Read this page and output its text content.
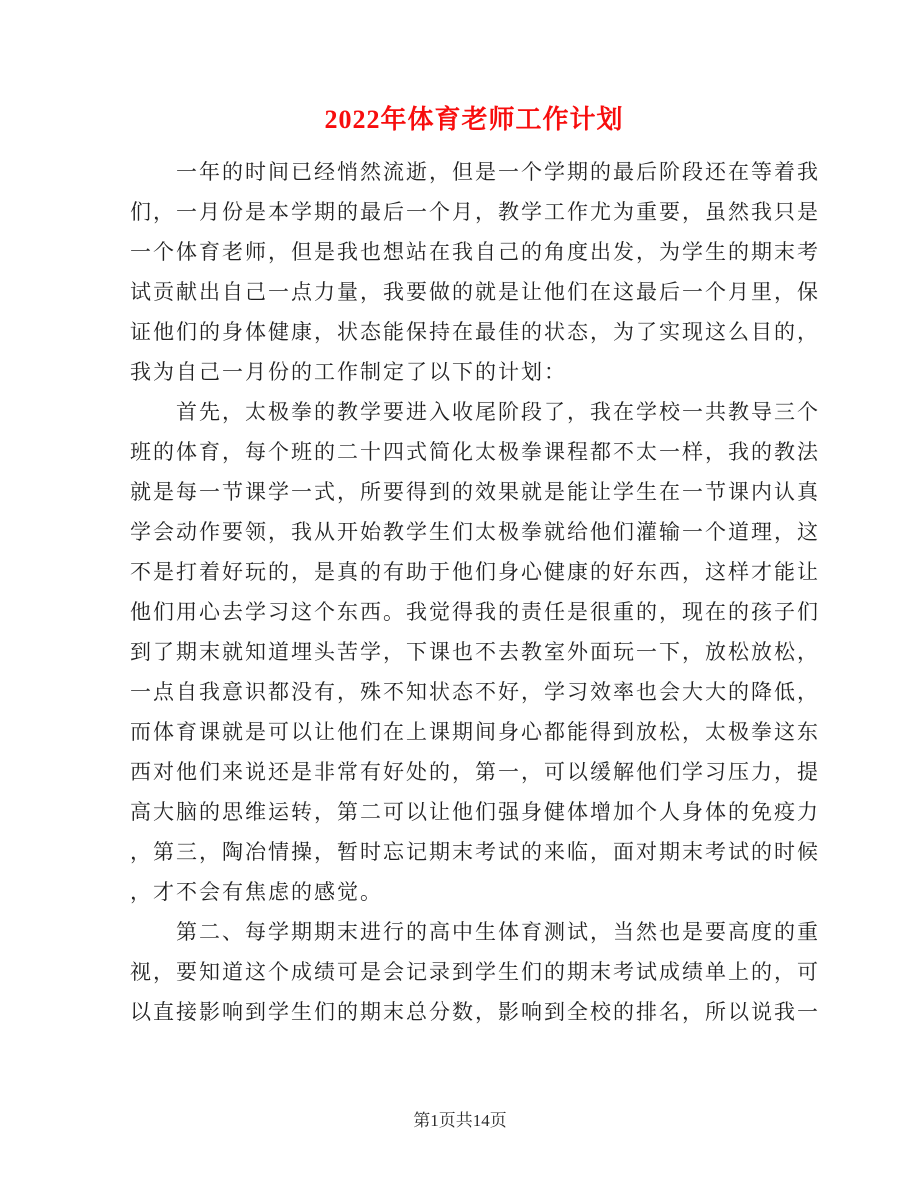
2022年体育老师工作计划
一年的时间已经悄然流逝，但是一个学期的最后阶段还在等着我
们，一月份是本学期的最后一个月，教学工作尤为重要，虽然我只是
一个体育老师，但是我也想站在我自己的角度出发，为学生的期末考
试贡献出自己一点力量，我要做的就是让他们在这最后一个月里，保
证他们的身体健康，状态能保持在最佳的状态，为了实现这么目的，
我为自己一月份的工作制定了以下的计划：
首先，太极拳的教学要进入收尾阶段了，我在学校一共教导三个
班的体育，每个班的二十四式简化太极拳课程都不太一样，我的教法
就是每一节课学一式，所要得到的效果就是能让学生在一节课内认真
学会动作要领，我从开始教学生们太极拳就给他们灌输一个道理，这
不是打着好玩的，是真的有助于他们身心健康的好东西，这样才能让
他们用心去学习这个东西。我觉得我的责任是很重的，现在的孩子们
到了期末就知道埋头苦学，下课也不去教室外面玩一下，放松放松，
一点自我意识都没有，殊不知状态不好，学习效率也会大大的降低，
而体育课就是可以让他们在上课期间身心都能得到放松，太极拳这东
西对他们来说还是非常有好处的，第一，可以缓解他们学习压力，提
高大脑的思维运转，第二可以让他们强身健体增加个人身体的免疫力
，第三，陶冶情操，暂时忘记期末考试的来临，面对期末考试的时候
，才不会有焦虑的感觉。
第二、每学期期末进行的高中生体育测试，当然也是要高度的重
视，要知道这个成绩可是会记录到学生们的期末考试成绩单上的，可
以直接影响到学生们的期末总分数，影响到全校的排名，所以说我一
第1页共14页
